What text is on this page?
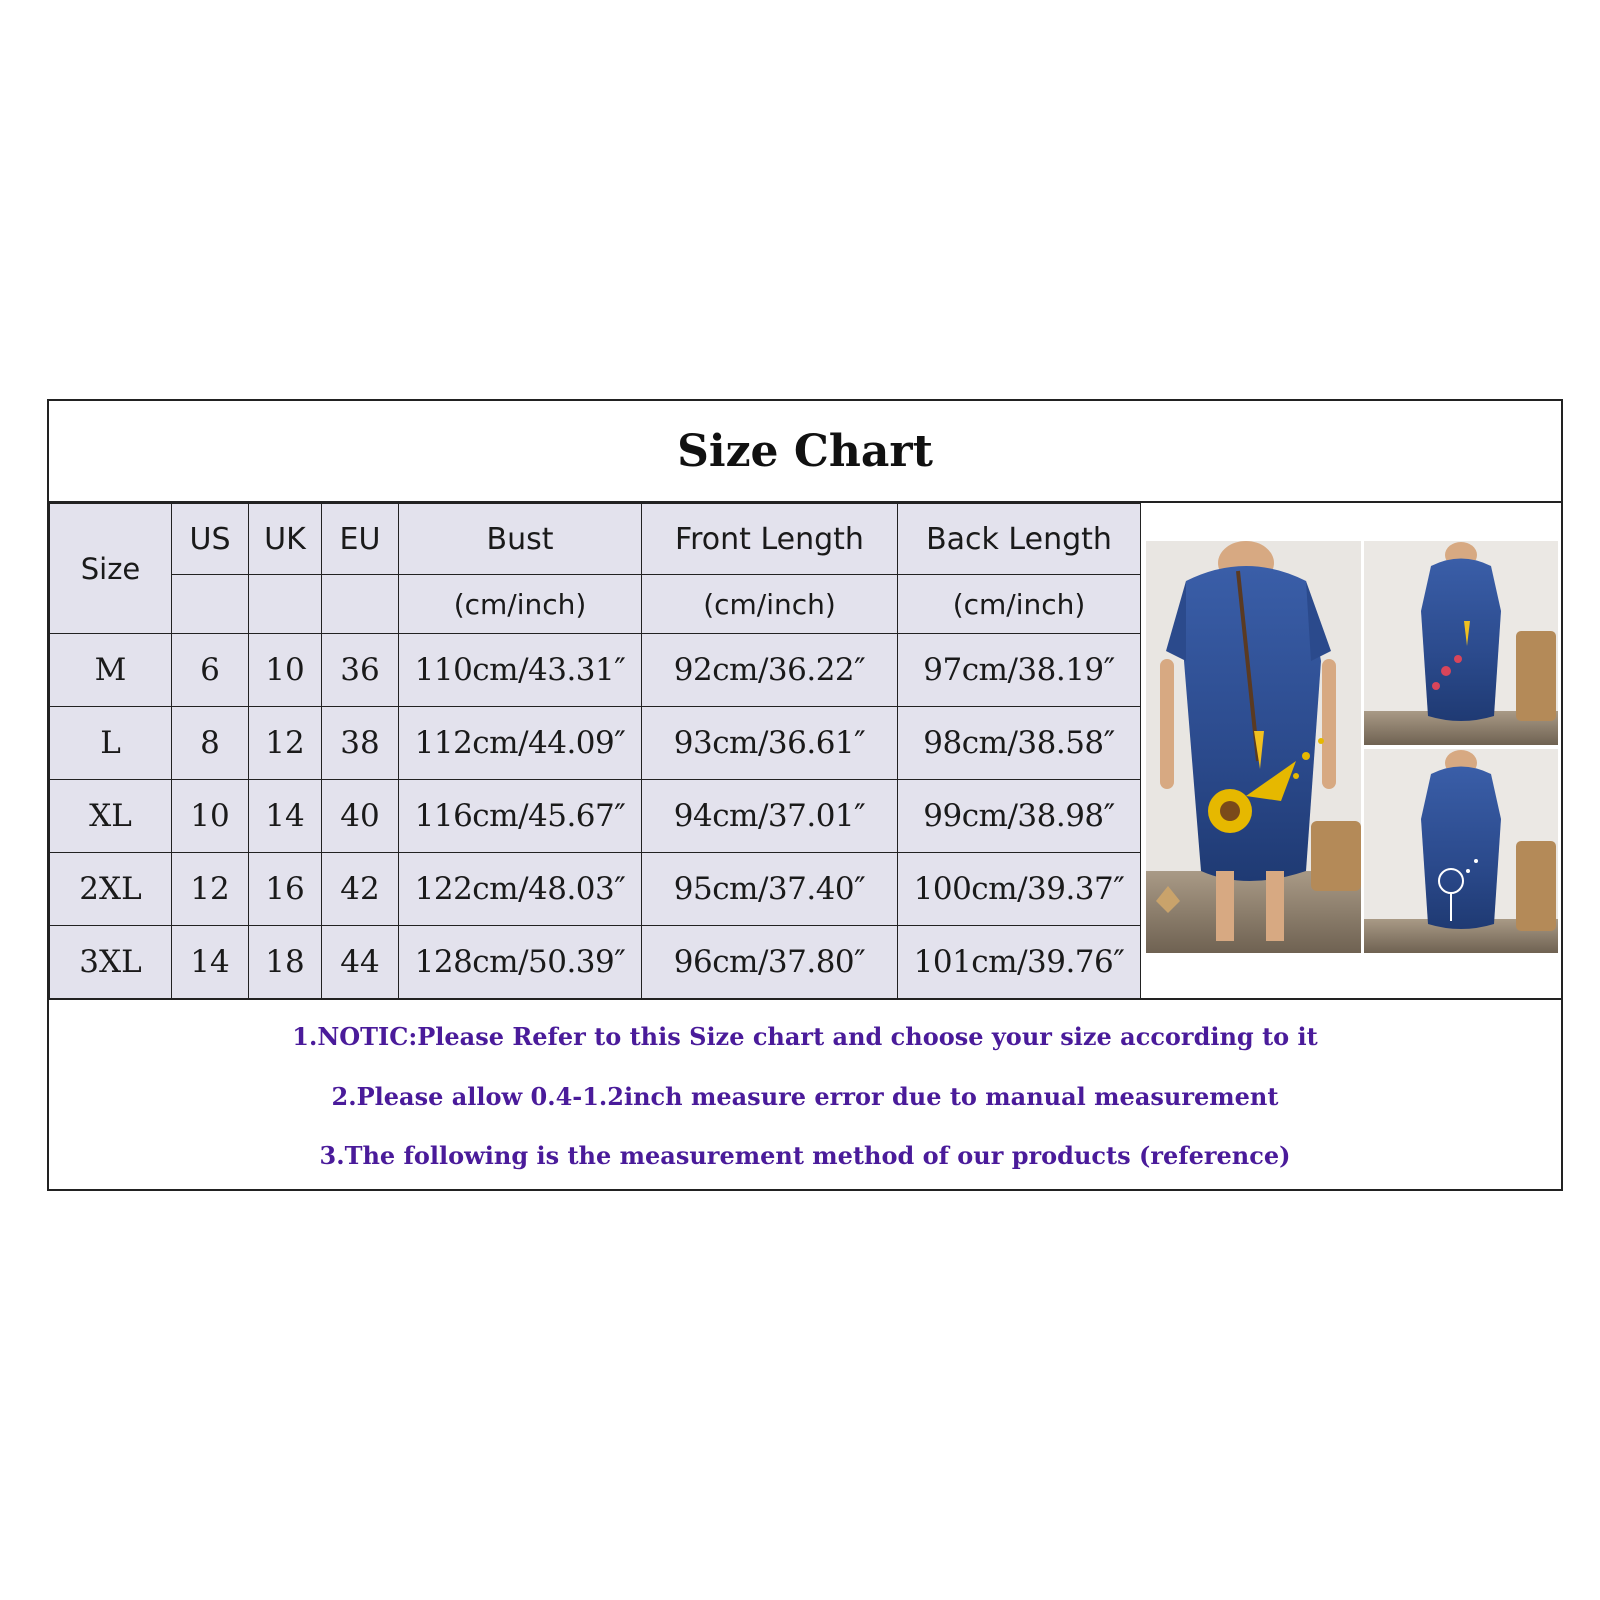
Size Chart
Size	US	UK	EU	Bust	Front Length	Back Length
				(cm/inch)	(cm/inch)	(cm/inch)
M	6	10	36	110cm/43.31″	92cm/36.22″	97cm/38.19″
L	8	12	38	112cm/44.09″	93cm/36.61″	98cm/38.58″
XL	10	14	40	116cm/45.67″	94cm/37.01″	99cm/38.98″
2XL	12	16	42	122cm/48.03″	95cm/37.40″	100cm/39.37″
3XL	14	18	44	128cm/50.39″	96cm/37.80″	101cm/39.76″
1.NOTIC:Please Refer to this Size chart and choose your size according to it
2.Please allow 0.4-1.2inch measure error due to manual measurement
3.The following is the measurement method of our products (reference)
